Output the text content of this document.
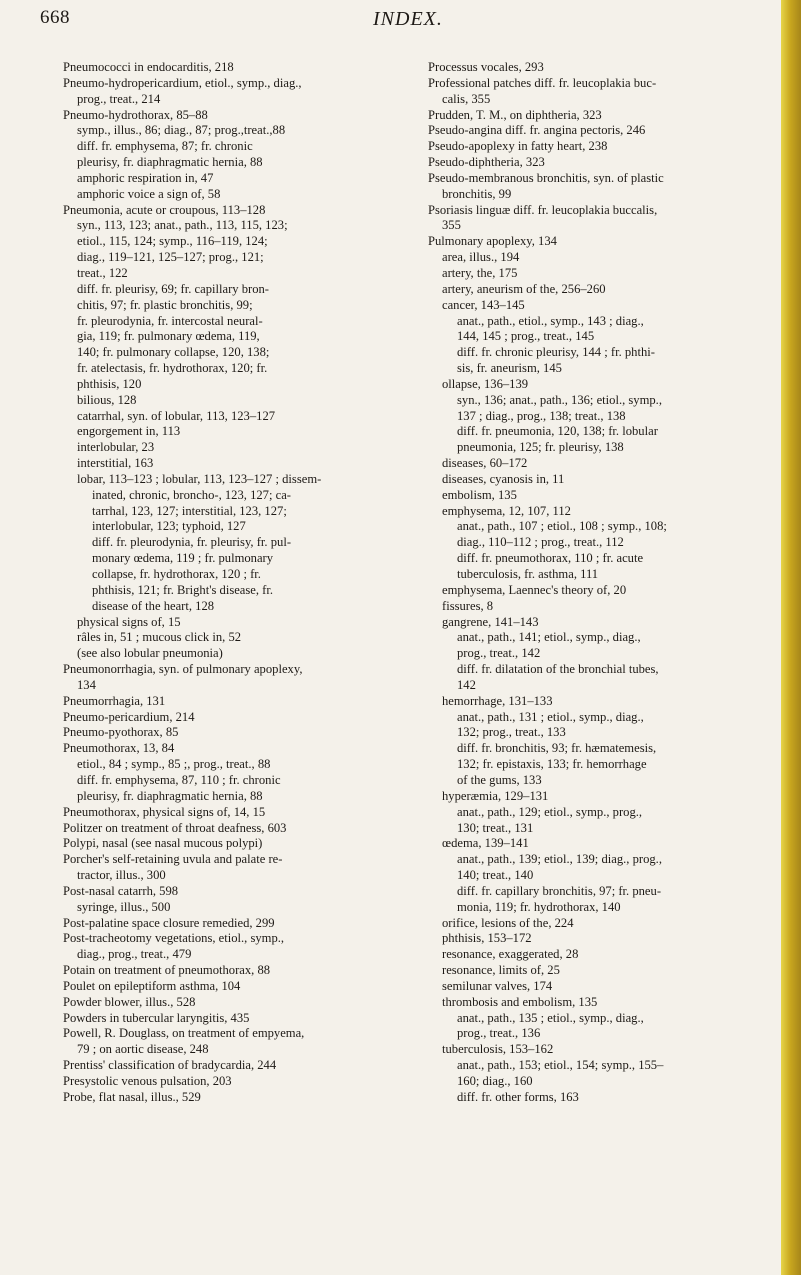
668	INDEX.
Pneumococci in endocarditis, 218
Pneumo-hydropericardium, etiol., symp., diag.,
prog., treat., 214
Pneumo-hydrothorax, 85–88
symp., illus., 86; diag., 87; prog.,treat.,88
diff. fr. emphysema, 87; fr. chronic
pleurisy, fr. diaphragmatic hernia, 88
amphoric respiration in, 47
amphoric voice a sign of, 58
Pneumonia, acute or croupous, 113–128
syn., 113, 123; anat., path., 113, 115, 123;
etiol., 115, 124; symp., 116–119, 124;
diag., 119–121, 125–127; prog., 121;
treat., 122
diff. fr. pleurisy, 69; fr. capillary bron-
chitis, 97; fr. plastic bronchitis, 99;
fr. pleurodynia, fr. intercostal neural-
gia, 119; fr. pulmonary œdema, 119,
140; fr. pulmonary collapse, 120, 138;
fr. atelectasis, fr. hydrothorax, 120; fr.
phthisis, 120
bilious, 128
catarrhal, syn. of lobular, 113, 123–127
engorgement in, 113
interlobular, 23
interstitial, 163
lobar, 113–123 ; lobular, 113, 123–127 ; dissem-
inated, chronic, broncho-, 123, 127; ca-
tarrhal, 123, 127; interstitial, 123, 127;
interlobular, 123; typhoid, 127
diff. fr. pleurodynia, fr. pleurisy, fr. pul-
monary œdema, 119 ; fr. pulmonary
collapse, fr. hydrothorax, 120 ; fr.
phthisis, 121; fr. Bright's disease, fr.
disease of the heart, 128
physical signs of, 15
râles in, 51 ; mucous click in, 52
(see also lobular pneumonia)
Pneumonorrhagia, syn. of pulmonary apoplexy,
134
Pneumorrhagia, 131
Pneumo-pericardium, 214
Pneumo-pyothorax, 85
Pneumothorax, 13, 84
etiol., 84 ; symp., 85 ;, prog., treat., 88
diff. fr. emphysema, 87, 110 ; fr. chronic
pleurisy, fr. diaphragmatic hernia, 88
Pneumothorax, physical signs of, 14, 15
Politzer on treatment of throat deafness, 603
Polypi, nasal (see nasal mucous polypi)
Porcher's self-retaining uvula and palate re-
tractor, illus., 300
Post-nasal catarrh, 598
syringe, illus., 500
Post-palatine space closure remedied, 299
Post-tracheotomy vegetations, etiol., symp.,
diag., prog., treat., 479
Potain on treatment of pneumothorax, 88
Poulet on epileptiform asthma, 104
Powder blower, illus., 528
Powders in tubercular laryngitis, 435
Powell, R. Douglass, on treatment of empyema,
79 ; on aortic disease, 248
Prentiss' classification of bradycardia, 244
Presystolic venous pulsation, 203
Probe, flat nasal, illus., 529
Processus vocales, 293
Professional patches diff. fr. leucoplakia buc-
calis, 355
Prudden, T. M., on diphtheria, 323
Pseudo-angina diff. fr. angina pectoris, 246
Pseudo-apoplexy in fatty heart, 238
Pseudo-diphtheria, 323
Pseudo-membranous bronchitis, syn. of plastic
bronchitis, 99
Psoriasis linguæ diff. fr. leucoplakia buccalis,
355
Pulmonary apoplexy, 134
area, illus., 194
artery, the, 175
artery, aneurism of the, 256–260
cancer, 143–145
anat., path., etiol., symp., 143 ; diag.,
144, 145 ; prog., treat., 145
diff. fr. chronic pleurisy, 144 ; fr. phthi-
sis, fr. aneurism, 145
ollapse, 136–139
syn., 136; anat., path., 136; etiol., symp.,
137 ; diag., prog., 138; treat., 138
diff. fr. pneumonia, 120, 138; fr. lobular
pneumonia, 125; fr. pleurisy, 138
diseases, 60–172
diseases, cyanosis in, 11
embolism, 135
emphysema, 12, 107, 112
anat., path., 107 ; etiol., 108 ; symp., 108;
diag., 110–112 ; prog., treat., 112
diff. fr. pneumothorax, 110 ; fr. acute
tuberculosis, fr. asthma, 111
emphysema, Laennec's theory of, 20
fissures, 8
gangrene, 141–143
anat., path., 141; etiol., symp., diag.,
prog., treat., 142
diff. fr. dilatation of the bronchial tubes,
142
hemorrhage, 131–133
anat., path., 131 ; etiol., symp., diag.,
132; prog., treat., 133
diff. fr. bronchitis, 93; fr. hæmatemesis,
132; fr. epistaxis, 133; fr. hemorrhage
of the gums, 133
hyperæmia, 129–131
anat., path., 129; etiol., symp., prog.,
130; treat., 131
œdema, 139–141
anat., path., 139; etiol., 139; diag., prog.,
140; treat., 140
diff. fr. capillary bronchitis, 97; fr. pneu-
monia, 119; fr. hydrothorax, 140
orifice, lesions of the, 224
phthisis, 153–172
resonance, exaggerated, 28
resonance, limits of, 25
semilunar valves, 174
thrombosis and embolism, 135
anat., path., 135 ; etiol., symp., diag.,
prog., treat., 136
tuberculosis, 153–162
anat., path., 153; etiol., 154; symp., 155–
160; diag., 160
diff. fr. other forms, 163
